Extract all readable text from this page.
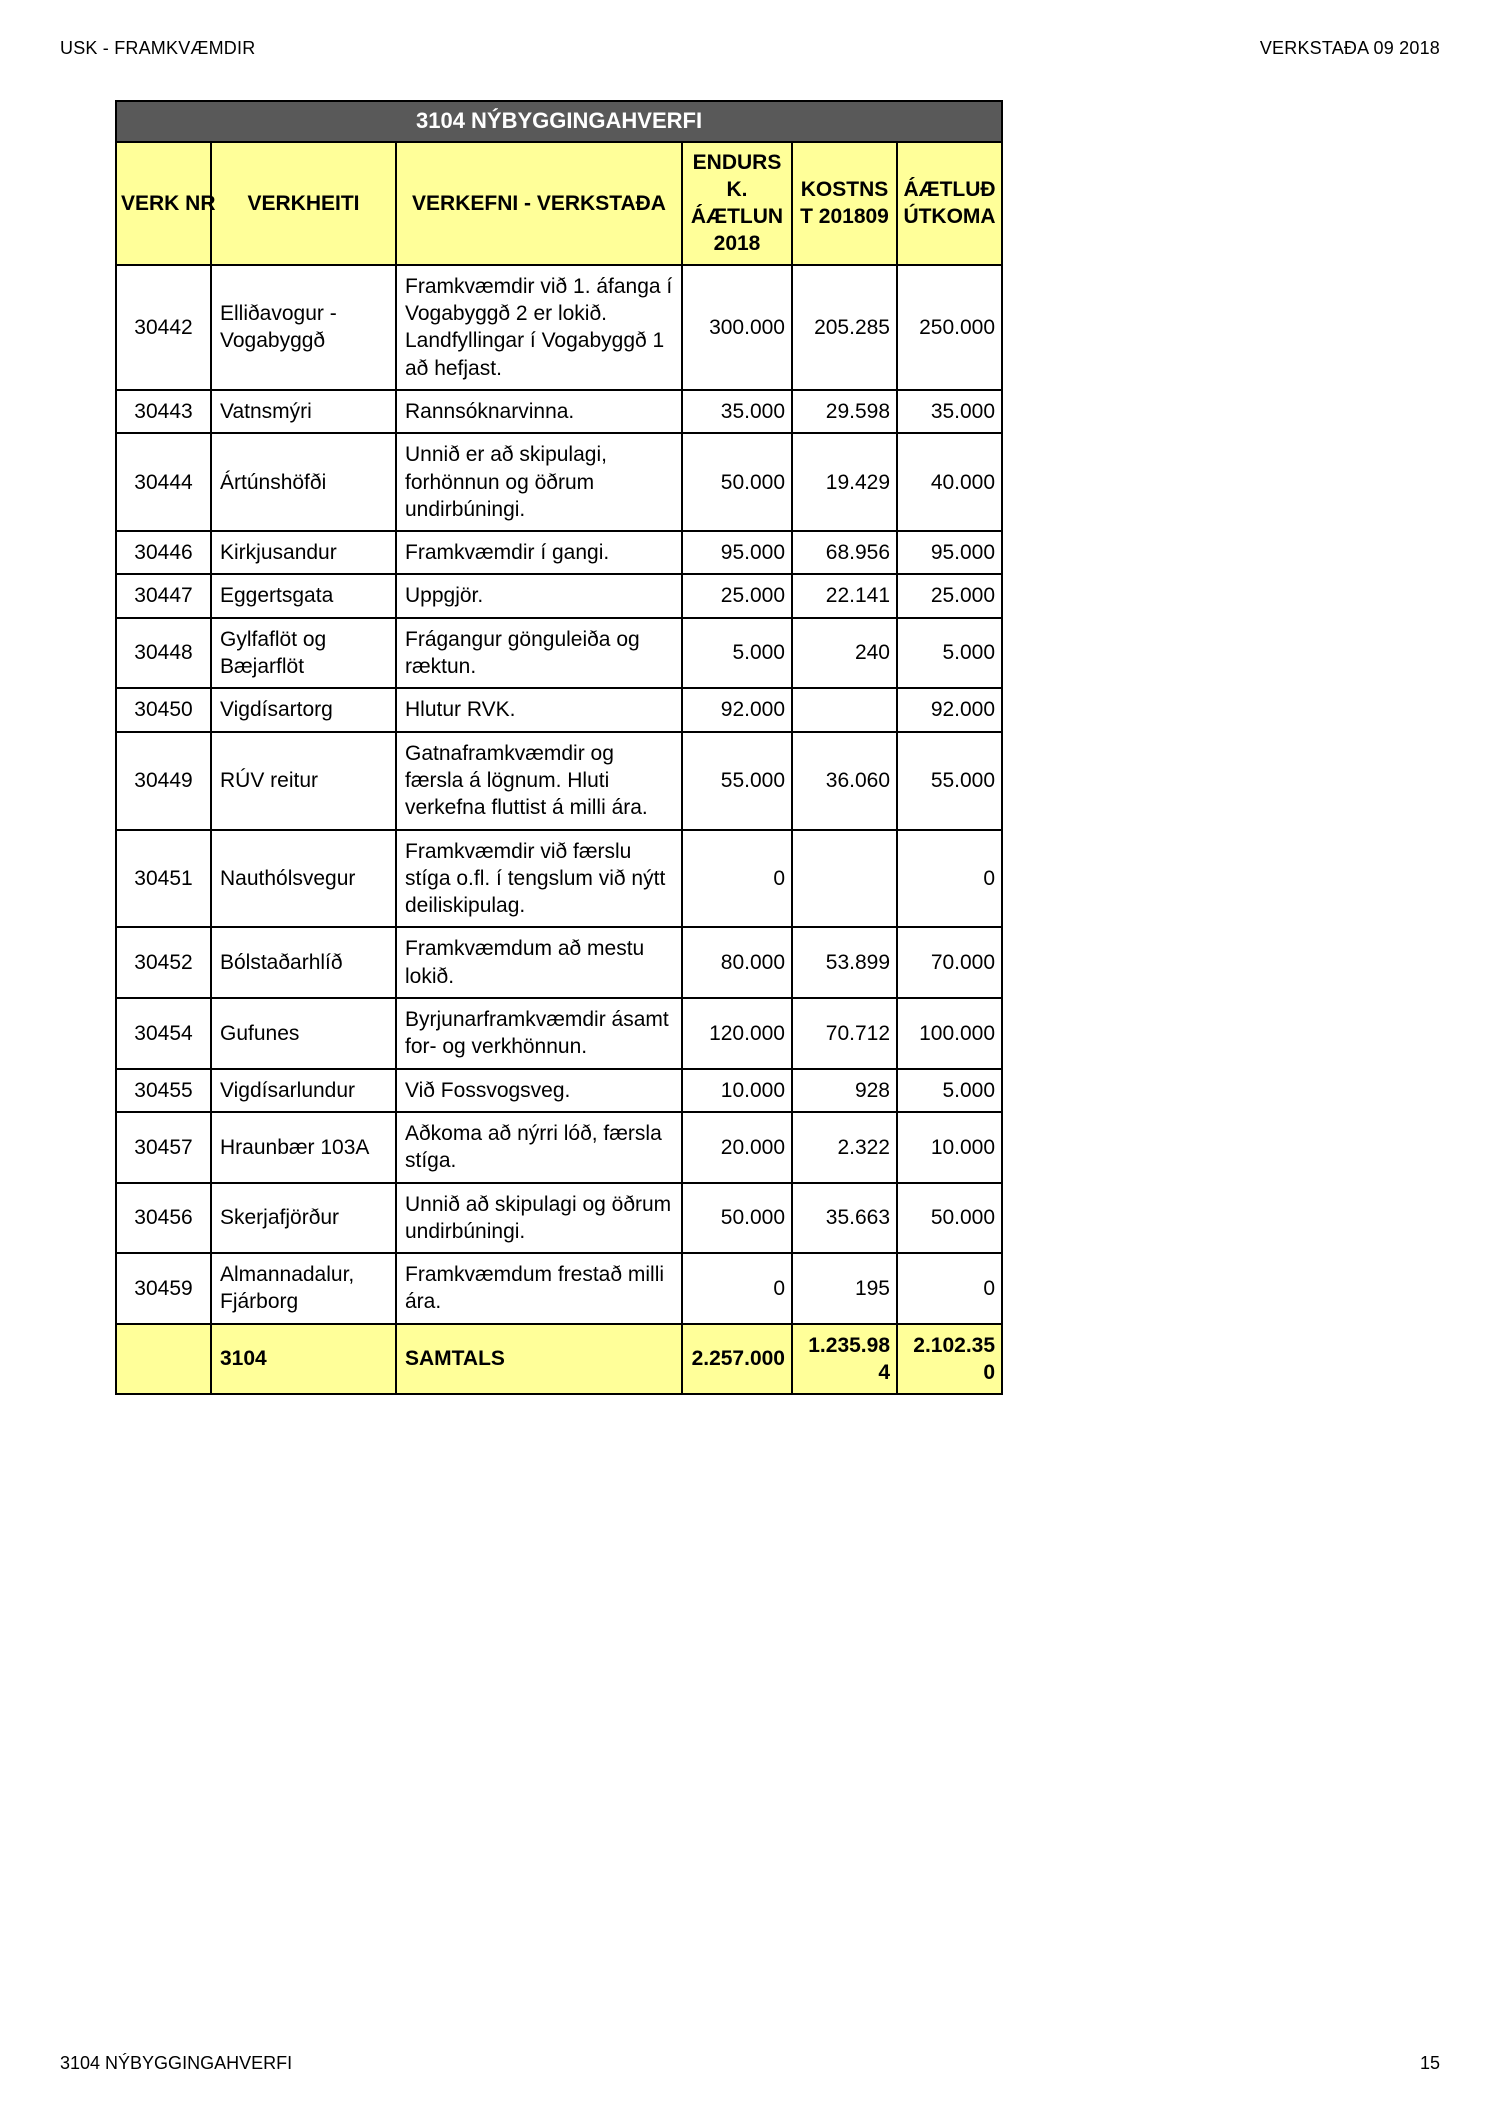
USK - FRAMKVÆMDIR	VERKSTAÐA 09 2018
3104 NÝBYGGINGAHVERFI					
VERK NR	VERKHEITI	VERKEFNI - VERKSTAÐA	ENDURSK. ÁÆTLUN 2018	KOSTNST 201809	ÁÆTLUÐ ÚTKOMA
30442	Elliðavogur - Vogabyggð	Framkvæmdir við 1. áfanga í Vogabyggð 2 er lokið. Landfyllingar í Vogabyggð 1 að hefjast.	300.000	205.285	250.000
30443	Vatnsmýri	Rannsóknarvinna.	35.000	29.598	35.000
30444	Ártúnshöfði	Unnið er að skipulagi, forhönnun og öðrum undirbúningi.	50.000	19.429	40.000
30446	Kirkjusandur	Framkvæmdir í gangi.	95.000	68.956	95.000
30447	Eggertsgata	Uppgjör.	25.000	22.141	25.000
30448	Gylfaflöt og Bæjarflöt	Frágangur gönguleiða og ræktun.	5.000	240	5.000
30450	Vigdísartorg	Hlutur RVK.	92.000		92.000
30449	RÚV reitur	Gatnaframkvæmdir og færsla á lögnum. Hluti verkefna fluttist á milli ára.	55.000	36.060	55.000
30451	Nauthólsvegur	Framkvæmdir við færslu stíga o.fl. í tengslum við nýtt deiliskipulag.	0		0
30452	Bólstaðarhlíð	Framkvæmdum að mestu lokið.	80.000	53.899	70.000
30454	Gufunes	Byrjunarframkvæmdir ásamt for- og verkhönnun.	120.000	70.712	100.000
30455	Vigdísarlundur	Við Fossvogsveg.	10.000	928	5.000
30457	Hraunbær 103A	Aðkoma að nýrri lóð, færsla stíga.	20.000	2.322	10.000
30456	Skerjafjörður	Unnið að skipulagi og öðrum undirbúningi.	50.000	35.663	50.000
30459	Almannadalur, Fjárborg	Framkvæmdum frestað milli ára.	0	195	0
	3104	SAMTALS	2.257.000	1.235.984	2.102.350
3104 NÝBYGGINGAHVERFI	15
